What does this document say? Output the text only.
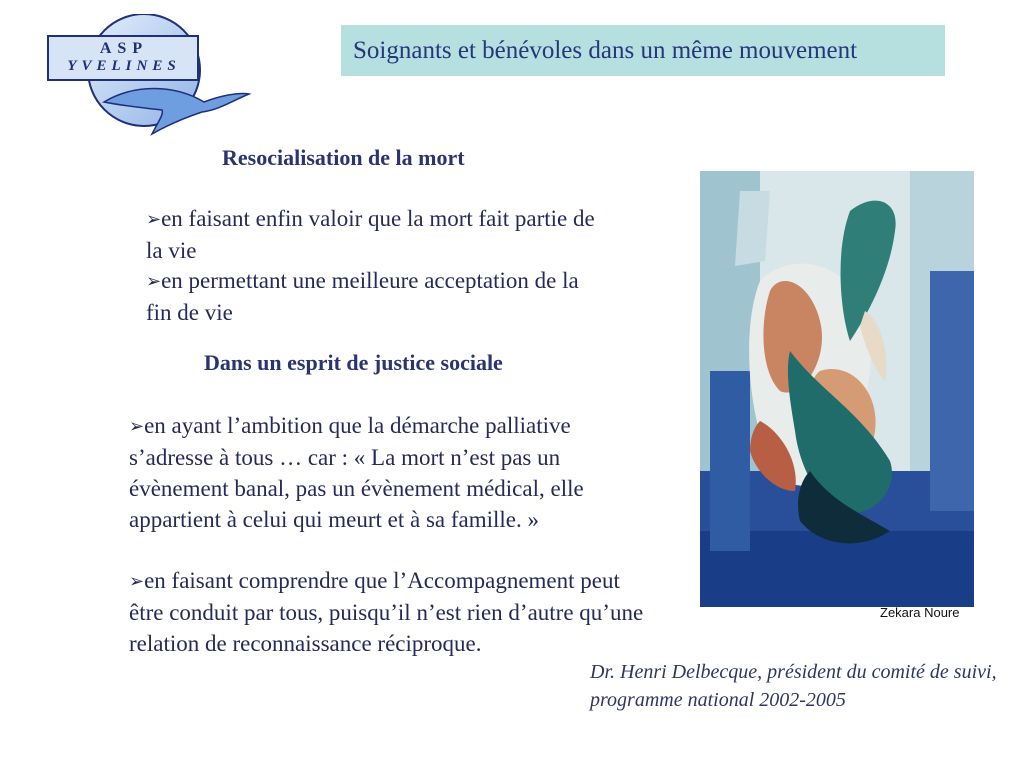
ASP
YVELINES
Soignants et bénévoles dans un même mouvement
Resocialisation de la mort
➢en faisant enfin valoir que la mort fait partie de la vie
➢en permettant une meilleure acceptation de la fin de vie
Dans un esprit de justice sociale
➢en ayant l’ambition que la démarche palliative s’adresse à tous … car : « La mort n’est pas un évènement banal, pas un évènement médical, elle appartient à celui qui meurt et à sa famille. »
➢en faisant comprendre que l’Accompagnement peut être conduit par tous, puisqu’il n’est rien d’autre qu’une relation de reconnaissance réciproque.
Zekara Noure
Dr. Henri Delbecque, président du comité de suivi, programme national 2002-2005
